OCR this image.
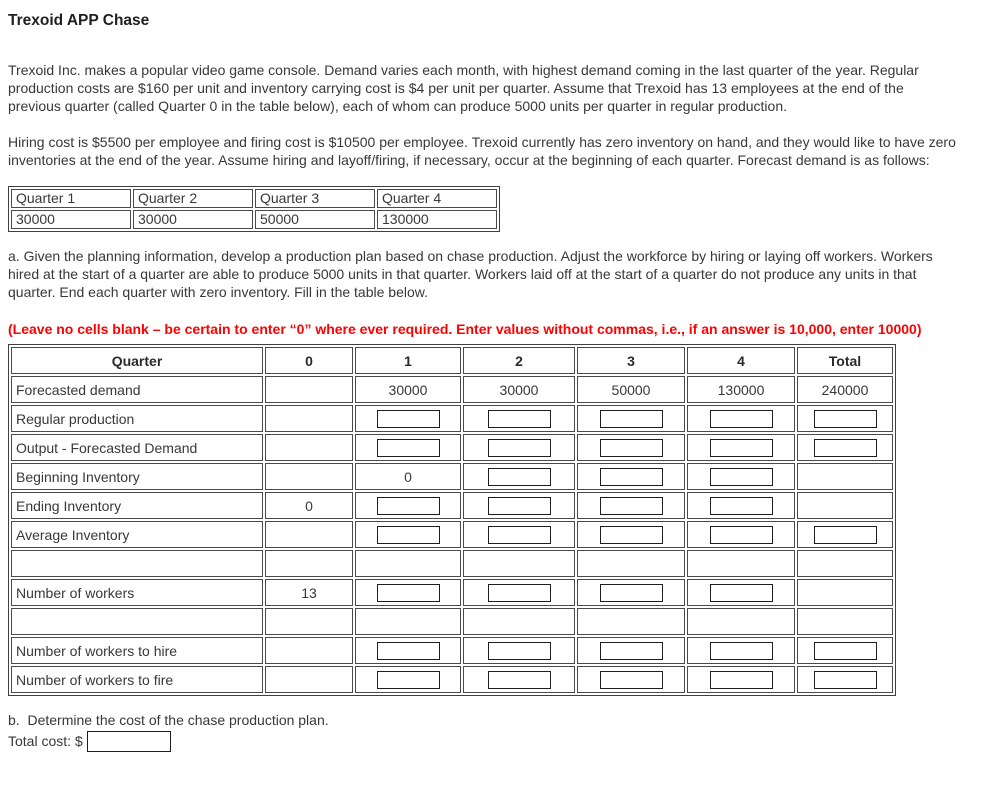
Trexoid APP Chase

Trexoid Inc. makes a popular video game console. Demand varies each month, with highest demand coming in the last quarter of the year. Regular production costs are $160 per unit and inventory carrying cost is $4 per unit per quarter. Assume that Trexoid has 13 employees at the end of the previous quarter (called Quarter 0 in the table below), each of whom can produce 5000 units per quarter in regular production.

Hiring cost is $5500 per employee and firing cost is $10500 per employee. Trexoid currently has zero inventory on hand, and they would like to have zero inventories at the end of the year. Assume hiring and layoff/firing, if necessary, occur at the beginning of each quarter. Forecast demand is as follows:

Quarter 1	Quarter 2	Quarter 3	Quarter 4
30000	30000	50000	130000

a. Given the planning information, develop a production plan based on chase production. Adjust the workforce by hiring or laying off workers. Workers hired at the start of a quarter are able to produce 5000 units in that quarter. Workers laid off at the start of a quarter do not produce any units in that quarter. End each quarter with zero inventory. Fill in the table below.

(Leave no cells blank – be certain to enter “0” where ever required. Enter values without commas, i.e., if an answer is 10,000, enter 10000)

Quarter	0	1	2	3	4	Total
Forecasted demand		30000	30000	50000	130000	240000
Regular production						
Output - Forecasted Demand						
Beginning Inventory		0				
Ending Inventory	0					
Average Inventory						

Number of workers	13					

Number of workers to hire						
Number of workers to fire						

b.  Determine the cost of the chase production plan.

Total cost: $
